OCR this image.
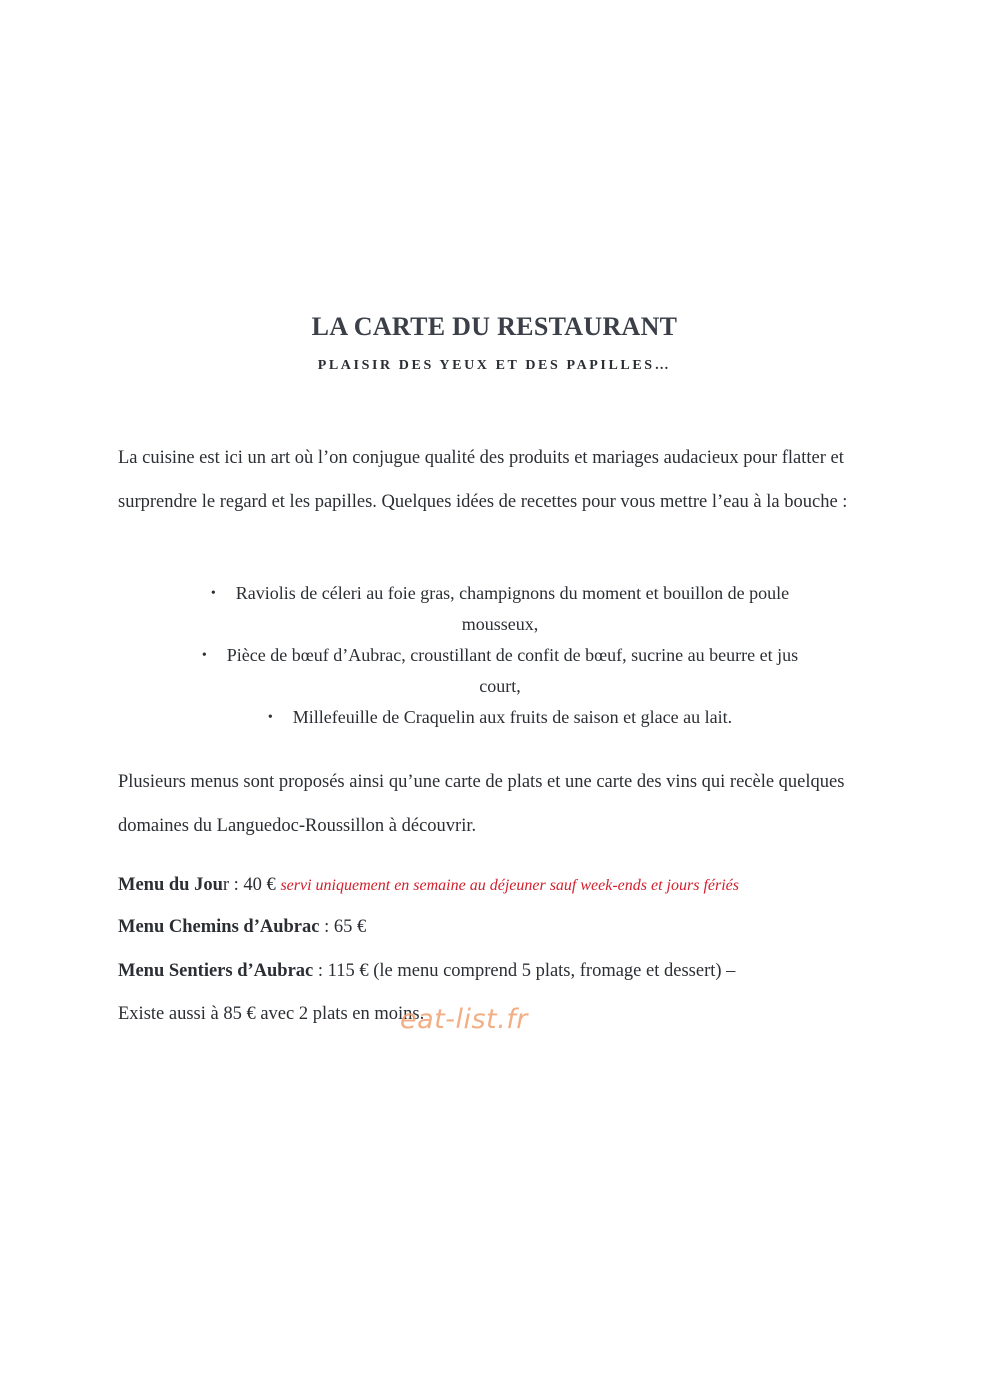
LA CARTE DU RESTAURANT
PLAISIR DES YEUX ET DES PAPILLES…

La cuisine est ici un art où l’on conjugue qualité des produits et mariages audacieux pour flatter et surprendre le regard et les papilles. Quelques idées de recettes pour vous mettre l’eau à la bouche :

• Raviolis de céleri au foie gras, champignons du moment et bouillon de poule
mousseux,
• Pièce de bœuf d’Aubrac, croustillant de confit de bœuf, sucrine au beurre et jus
court,
• Millefeuille de Craquelin aux fruits de saison et glace au lait.

Plusieurs menus sont proposés ainsi qu’une carte de plats et une carte des vins qui recèle quelques domaines du Languedoc-Roussillon à découvrir.

Menu du Jour : 40 € servi uniquement en semaine au déjeuner sauf week-ends et jours fériés

Menu Chemins d’Aubrac : 65 €

Menu Sentiers d’Aubrac : 115 € (le menu comprend 5 plats, fromage et dessert) –

Existe aussi à 85 € avec 2 plats en moins.

eat-list.fr
